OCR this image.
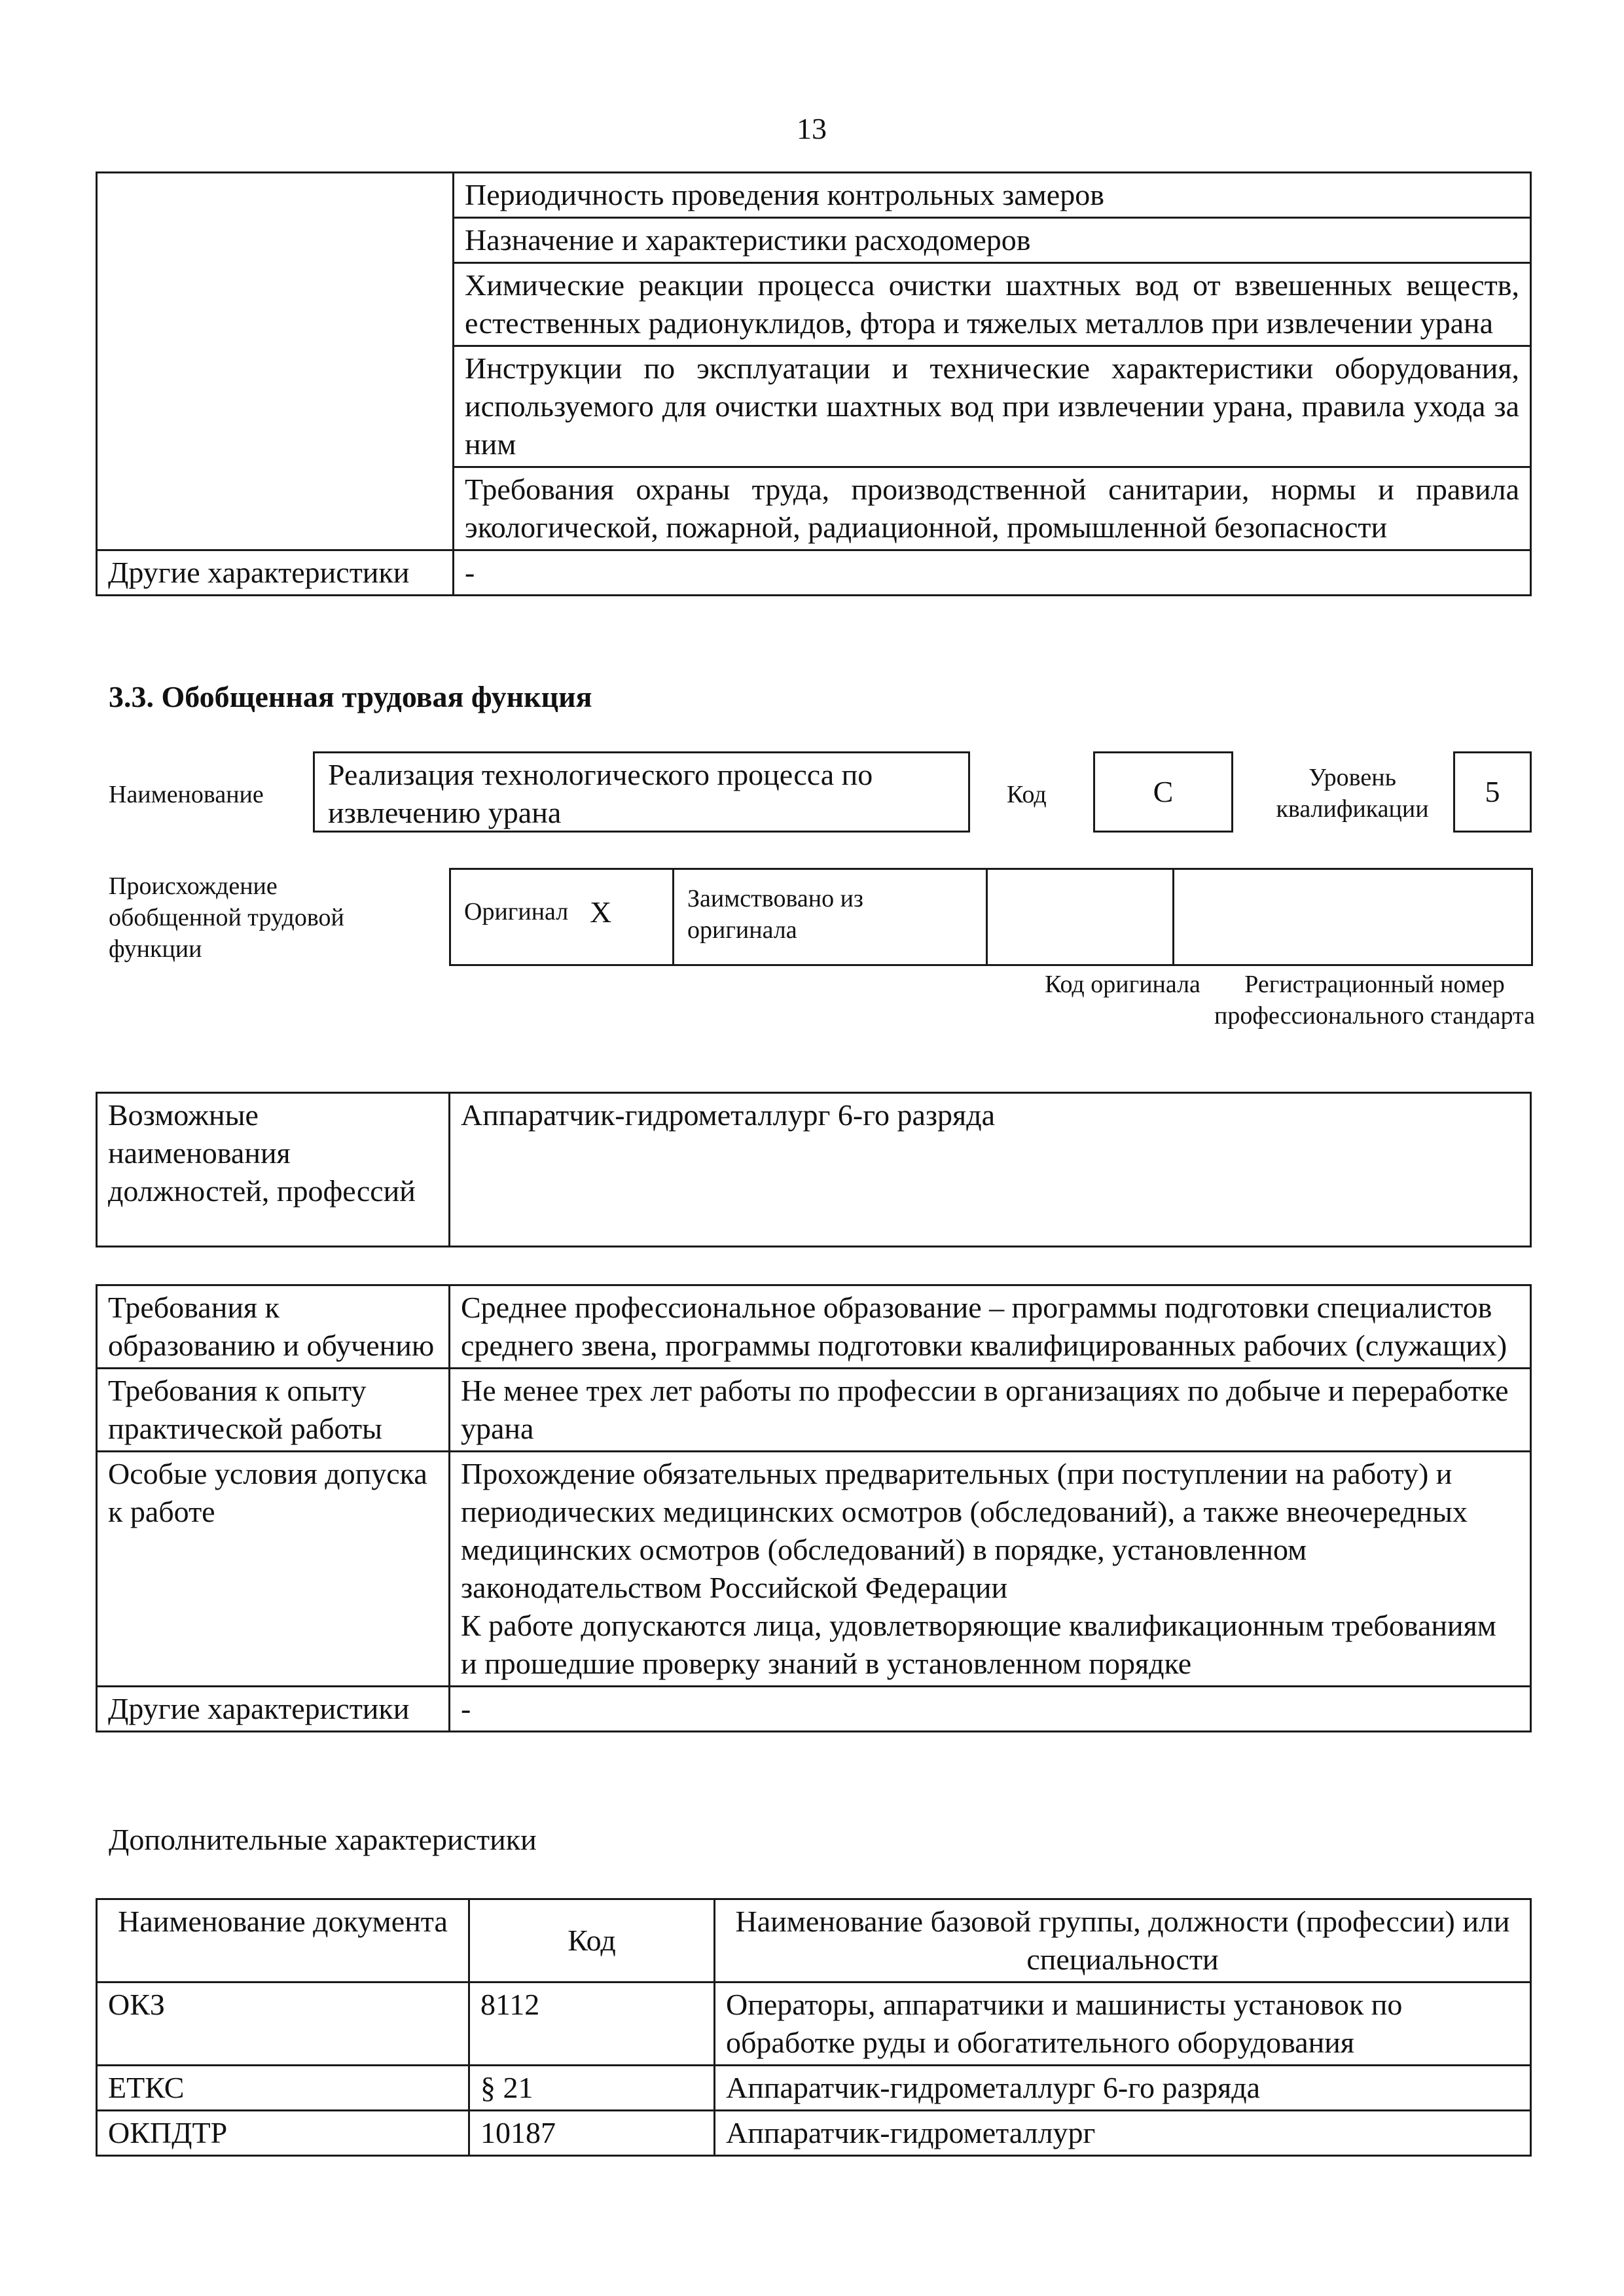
13
	Периодичность проведения контрольных замеров
	Назначение и характеристики расходомеров
	Химические реакции процесса очистки шахтных вод от взвешенных веществ, естественных радионуклидов, фтора и тяжелых металлов при извлечении урана
	Инструкции по эксплуатации и технические характеристики оборудования, используемого для очистки шахтных вод при извлечении урана, правила ухода за ним
	Требования охраны труда, производственной санитарии, нормы и правила экологической, пожарной, радиационной, промышленной безопасности
Другие характеристики	-
3.3. Обобщенная трудовая функция
Наименование
Реализация технологического процесса по извлечению урана
Код	C	Уровень квалификации
5
Происхождение обобщенной трудовой функции
Оригинал	X	Заимствовано из оригинала		
Код оригинала	Регистрационный номер профессионального стандарта
Возможные наименования должностей, профессий	Аппаратчик-гидрометаллург 6-го разряда
Требования к образованию и обучению	Среднее профессиональное образование – программы подготовки специалистов среднего звена, программы подготовки квалифицированных рабочих (служащих)
Требования к опыту практической работы	Не менее трех лет работы по профессии в организациях по добыче и переработке урана
Особые условия допуска к работе	Прохождение обязательных предварительных (при поступлении на работу) и периодических медицинских осмотров (обследований), а также внеочередных медицинских осмотров (обследований) в порядке, установленном законодательством Российской Федерации
К работе допускаются лица, удовлетворяющие квалификационным требованиям и прошедшие проверку знаний в установленном порядке
Другие характеристики	-
Дополнительные характеристики
Наименование документа	Код	Наименование базовой группы, должности (профессии) или специальности
ОКЗ	8112	Операторы, аппаратчики и машинисты установок по обработке руды и обогатительного оборудования
ЕТКС	§ 21	Аппаратчик-гидрометаллург 6-го разряда
ОКПДТР	10187	Аппаратчик-гидрометаллург
